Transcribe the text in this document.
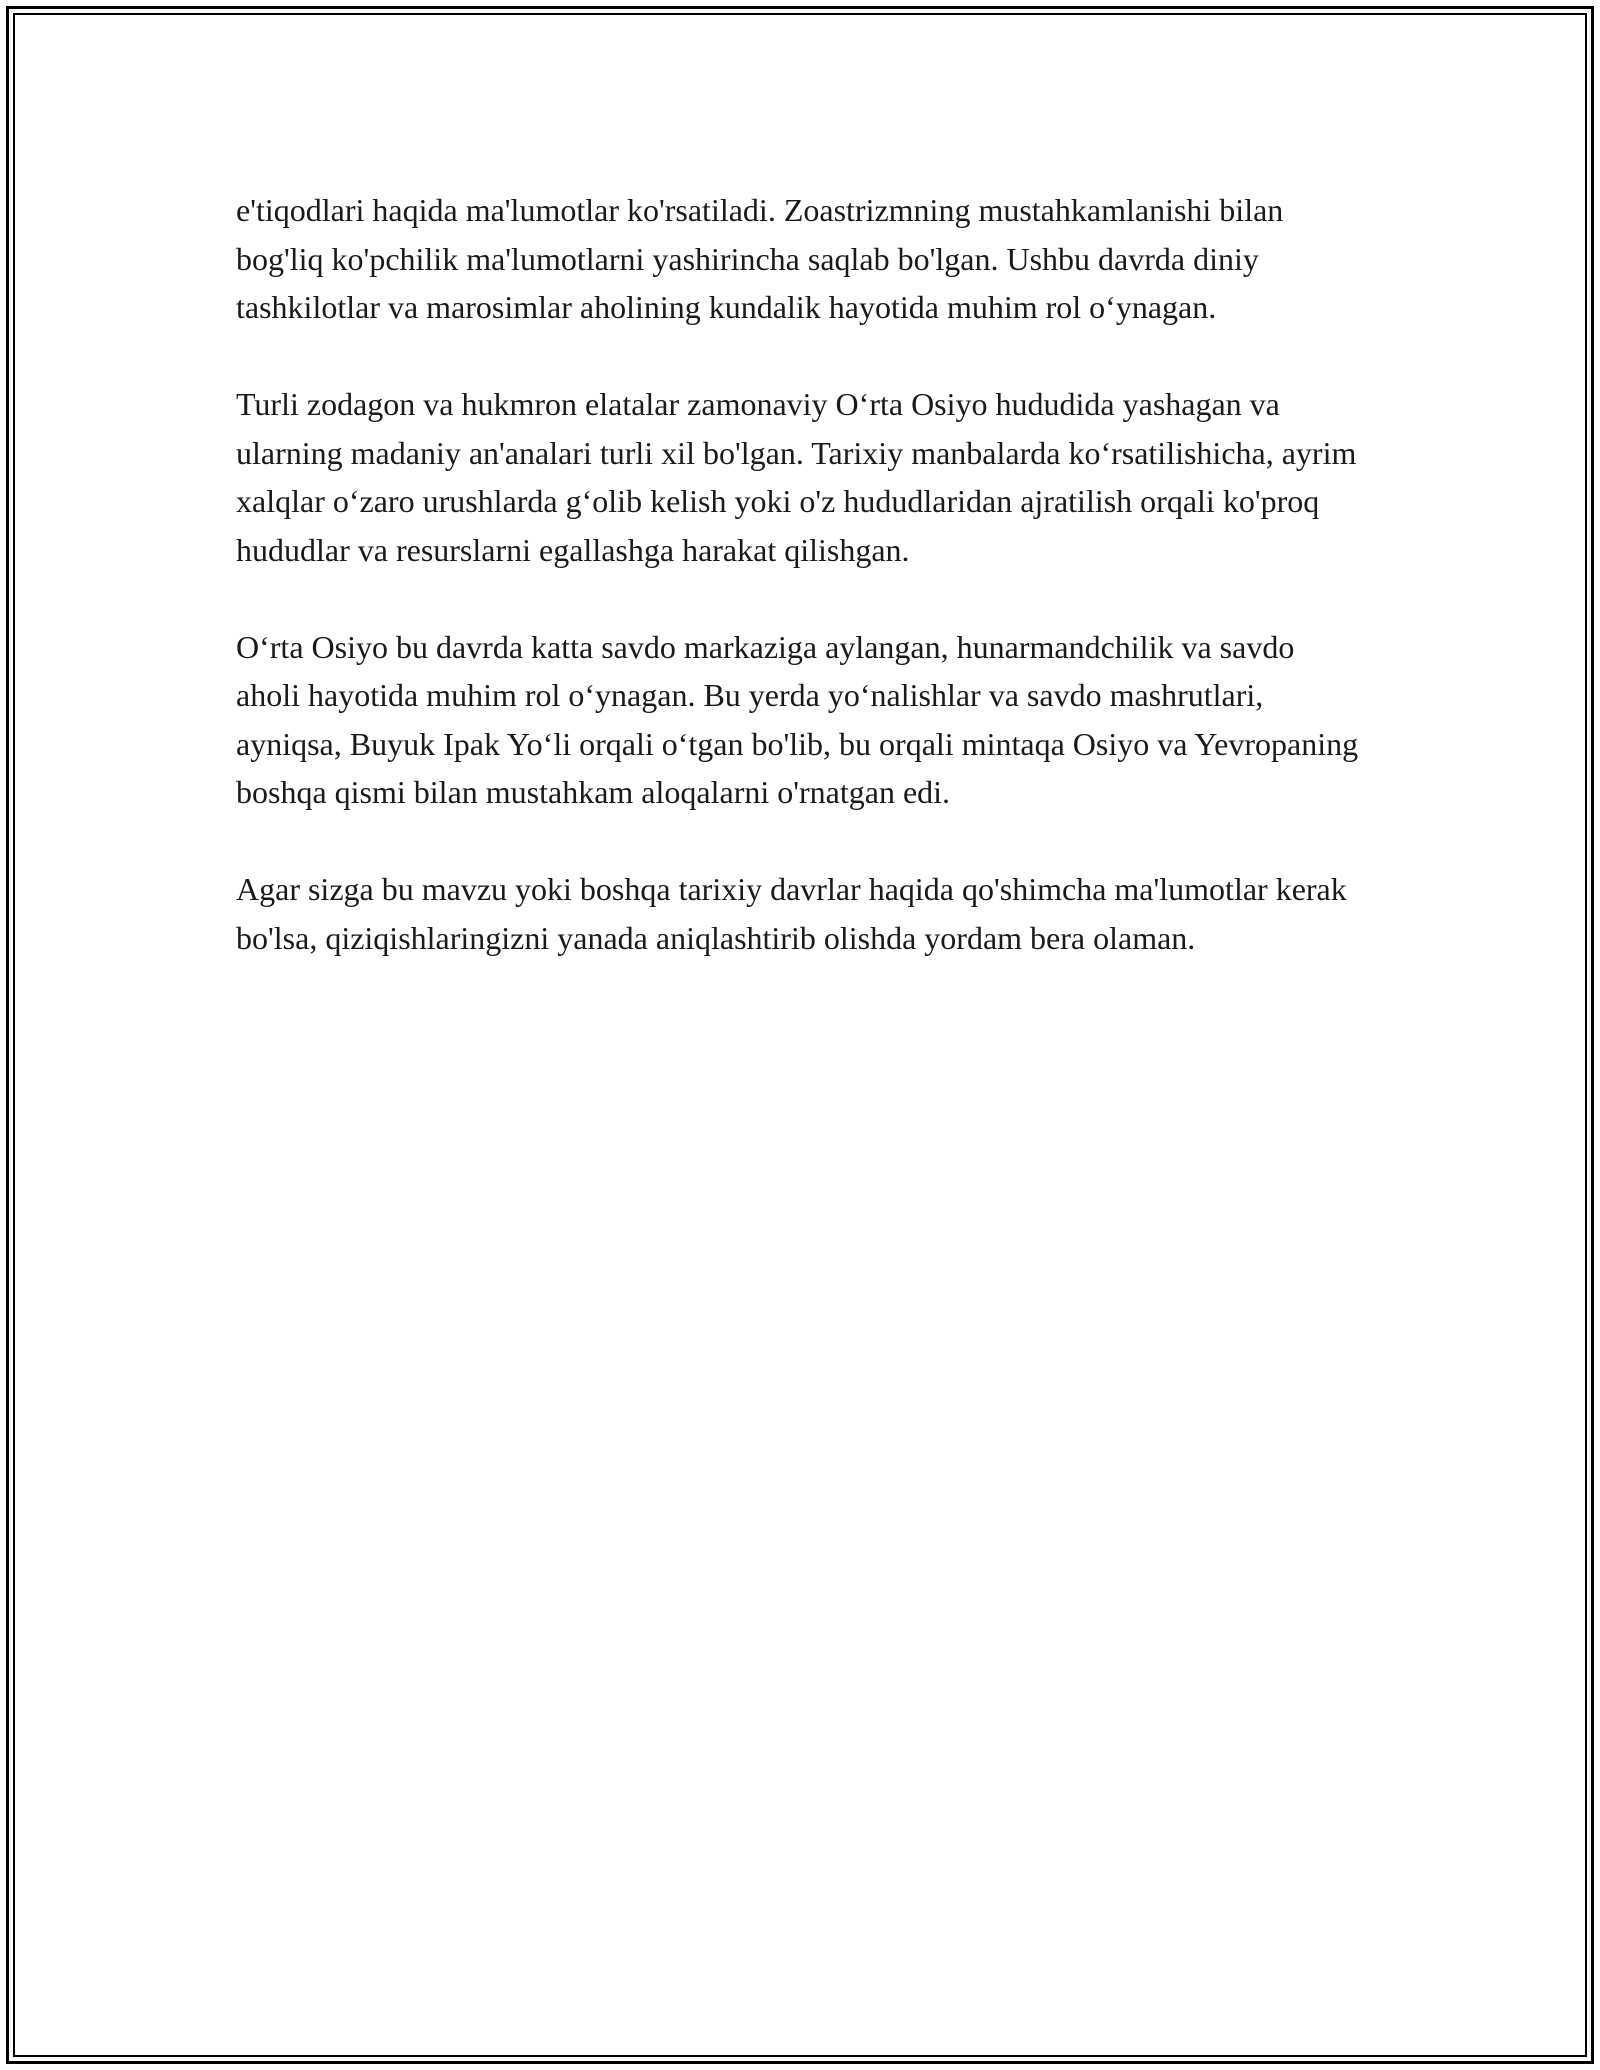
e'tiqodlari haqida ma'lumotlar ko'rsatiladi. Zoastrizmning mustahkamlanishi bilan bog'liq ko'pchilik ma'lumotlarni yashirincha saqlab bo'lgan. Ushbu davrda diniy tashkilotlar va marosimlar aholining kundalik hayotida muhim rol o‘ynagan.

Turli zodagon va hukmron elatalar zamonaviy O‘rta Osiyo hududida yashagan va ularning madaniy an'analari turli xil bo'lgan. Tarixiy manbalarda ko‘rsatilishicha, ayrim xalqlar o‘zaro urushlarda g‘olib kelish yoki o'z hududlaridan ajratilish orqali ko'proq hududlar va resurslarni egallashga harakat qilishgan.

O‘rta Osiyo bu davrda katta savdo markaziga aylangan, hunarmandchilik va savdo aholi hayotida muhim rol o‘ynagan. Bu yerda yo‘nalishlar va savdo mashrutlari, ayniqsa, Buyuk Ipak Yo‘li orqali o‘tgan bo'lib, bu orqali mintaqa Osiyo va Yevropaning boshqa qismi bilan mustahkam aloqalarni o'rnatgan edi.

Agar sizga bu mavzu yoki boshqa tarixiy davrlar haqida qo'shimcha ma'lumotlar kerak bo'lsa, qiziqishlaringizni yanada aniqlashtirib olishda yordam bera olaman.
